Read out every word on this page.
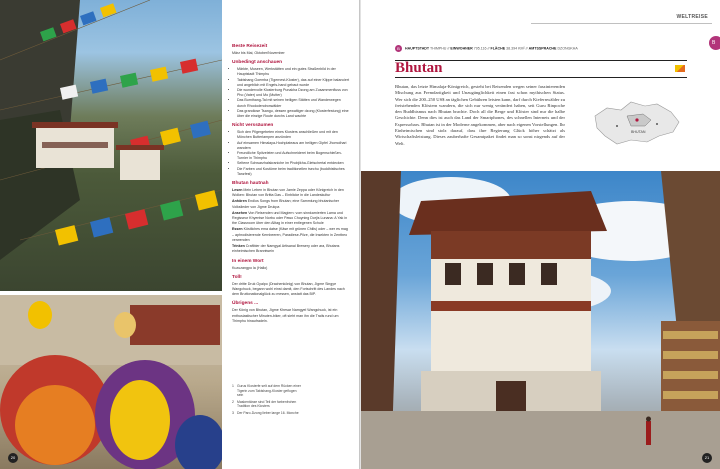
Beste Reisezeit

März bis Mai, Oktober/November

Unbedingt anschauen
• Märkte, Museen, Werkstätten und ein gutes Straßenbild in der Hauptstadt Thimphu
• Taktshang Goemba (Tigernest-Kloster), das auf einer Klippe balanciert und angeblich mit Engels-hand gebaut wurde
• Die wundervolle Klosterburg Punakha Dzong am Zusammenfluss von Pho (Vater) und Mo (Mutter)
• Das Bumthang-Tal mit seinen heiligen Stätten und Wanderwegen durch Rhododendronwälder
• Das grandiose Tsangu, dessen gewaltiger dzong (Klosterfestung) eine über die einzige Route durchs Land wachte
Nicht verssäumen
• Sich den Pilgergebeten eines Klosters anschließen und mit den Mönchen Butterlampen anzünden
• Auf einsamen Himalaya-Hochplateaus am heiligen Gipfel Jhomolhari wandern
• Freundliche Spitzeleien und Aufschneiderei beim Bogenschießen-Turnier in Thimphu
• Seltene Schwarzhalskraniche im Phobjikha-Gletschertal entdecken
• Die Farben und Kostüme beim traditionellen tsechu (buddhistisches Tanzfest)
Bhutan hautnah

Lesen Mein Leben in Bhutan von Jamie Zeppa oder Königreich in den Wolken: Bhutan von Britta Das – Einblicke in die Landeskultur

Anhören Endlos Songs from Bhutan; eine Sammlung bhutanischer Volkslieder von Jigme Drukpa

Ansehen Von Reisenden und Magiern: vom sinnkarnierten Lama und Regisseur Khyentse Norbu oder Pawo Choyning Dorjis Lunana: A Yak in the Classroom über den Alltag in einer entlegenen Schule

Essen Köstliches ema datse (Käse mit grünen Chilis) oder – wer es mag – aphrodisierende Kernbeeren, Paradiese-Pilze, die Insekten in Zentbeo verwenden

Trinken Craftbier der Namgyal Artisanal Brewery oder ara, Bhutans einheimischen Branntwein

In einem Wort

Kuzuzangpo la (Hallo)

Toll!

Der dritte Druk Gyalpo (Drachenkönig) von Bhutan, Jigme Singye Wangchuck, begann wohl einst damit, den Fortschritt des Landes nach dem Bruttonationalglück zu messen, anstatt das BIP.

Übrigens ...

Der König von Bhutan, Jigme Khesar Namgyel Wangchuck, ist ein enthusiastischer Minuten-biker, oft sieht man ihn die Trails rund um Thimphu hinaufradeln.

1 Gurus Klosterfe selt auf dem Rücken einer Tigerin zum Taktshang-Kloster geflogen sein
2 Maskentänze sind Teil der farbenfrohen Tradition des Klosters
3 Der Paro-Dzong lieber lange 16. Monche
20
WELTREISE
B
B HAUPTSTADT THIMPHU // EINWOHNER 795.116 // FLÄCHE 38.394 KM² // AMTSSPRACHE DZONGKHA
Bhutan
Bhutan, das letzte Himalaja-Königreich, gesteht bei Reisenden wegen seiner faszinierenden Mischung aus Fremdartigkeit und Unzugänglichkeit einen fast schon mythischen Status. Wer sich die 200–250 US$ an täglichen Gebühren leisten kann, darf durch Kiefernwälder zu freistehenden Klöstern wandern, die sich nur wenig verändert haben, seit Guru Rinpoche den Buddhismus nach Bhutan brachte. Doch all die Berge und Klöster sind nur die halbe Geschichte. Denn dies ist auch das Land der Smartphones, des schnellen Internets und der Espressobars. Bhutan ist in der Moderne angekommen, aber nach eigenen Vorstellungen. Ihr Einheimischen sind stolz darauf, dass ihre Regierung Glück höher schätzt als Wirtschaftsleistung. Dieses zauberhafte Gesamtpaket findet man so sonst nirgends auf der Welt.
BHUTAN
21
